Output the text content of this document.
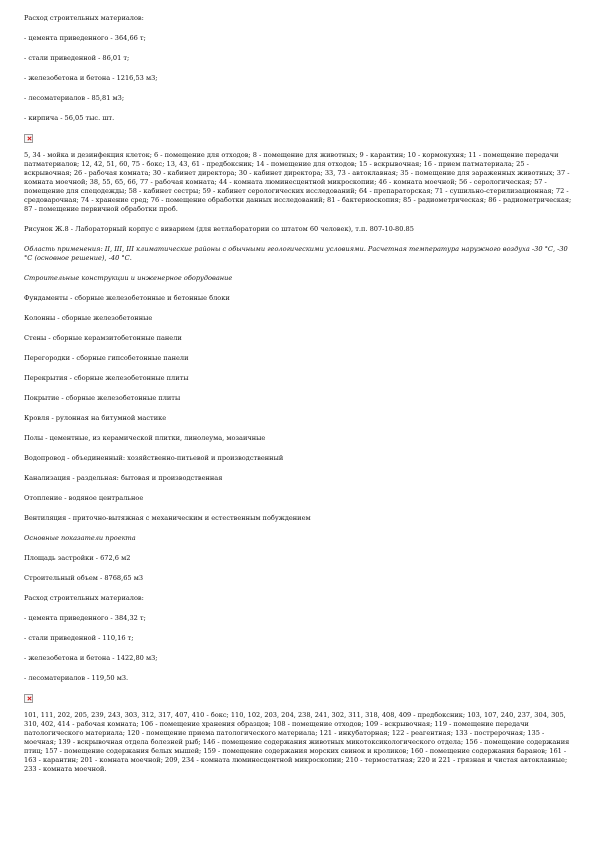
Расход строительных материалов:

- цемента приведенного - 364,66 т;

- стали приведенной - 86,01 т;

- железобетона и бетона - 1216,53 м3;

- лесоматериалов - 85,81 м3;

- кирпича - 56,05 тыс. шт.

5, 34 - мойка и дезинфекция клеток; 6 - помещение для отходов; 8 - помещение для животных; 9 - карантин; 10 - кормокухня; 11 - помещение передачи патматериалов; 12, 42, 51, 60, 75 - бокс; 13, 43, 61 - предбоксник; 14 - помещение для отходов; 15 - вскрывочная; 16 - прием патматериала; 25 - вскрывочная; 26 - рабочая комната; 30 - кабинет директора; 30 - кабинет директора; 33, 73 - автоклавная; 35 - помещение для зараженных животных; 37 - комната моечной; 38, 55, 65, 66, 77 - рабочая комната; 44 - комната люминесцентной микроскопии; 46 - комната моечной; 56 - серологическая; 57 - помещение для спецодежды; 58 - кабинет сестры; 59 - кабинет серологических исследований; 64 - препараторская; 71 - сушильно-стерилизационная; 72 - средоварочная; 74 - хранение сред; 76 - помещение обработки данных исследований; 81 - бактериоскопия; 85 - радиометрическая; 86 - радиометрическая; 87 - помещение первичной обработки проб.

Рисунок Ж.8 - Лабораторный корпус с виварием (для ветлаборатории со штатом 60 человек), т.п. 807-10-80.85

Область применения: II, III, III климатические районы с обычными геологическими условиями. Расчетная температура наружного воздуха -30 °С, -30 °С (основное решение), -40 °С.

Строительные конструкции и инженерное оборудование

Фундаменты - сборные железобетонные и бетонные блоки

Колонны - сборные железобетонные

Стены - сборные керамзитобетонные панели

Перегородки - сборные гипсобетонные панели

Перекрытия - сборные железобетонные плиты

Покрытие - сборные железобетонные плиты

Кровля - рулонная на битумной мастике

Полы - цементные, из керамической плитки, линолеума, мозаичные

Водопровод - объединенный: хозяйственно-питьевой и производственный

Канализация - раздельная: бытовая и производственная

Отопление - водяное центральное

Вентиляция - приточно-вытяжная с механическим и естественным побуждением

Основные показатели проекта

Площадь застройки - 672,6 м2

Строительный объем - 8768,65 м3

Расход строительных материалов:

- цемента приведенного - 384,32 т;

- стали приведенной - 110,16 т;

- железобетона и бетона - 1422,80 м3;

- лесоматериалов - 119,50 м3.

101, 111, 202, 205, 239, 243, 303, 312, 317, 407, 410 - бокс; 110, 102, 203, 204, 238, 241, 302, 311, 318, 408, 409 - предбоксник; 103, 107, 240, 237, 304, 305, 310, 402, 414 - рабочая комната; 106 - помещение хранения образцов; 108 - помещение отходов; 109 - вскрывочная; 119 - помещение передачи патологического материала; 120 - помещение приема патологического материала; 121 - инкубаторная; 122 - реагентная; 133 - пострерочная; 135 - моечная; 139 - вскрывочная отдела болезней рыб; 146 - помещение содержания животных микотоксикологического отдела; 156 - помещение содержания птиц; 157 - помещение содержания белых мышей; 159 - помещение содержания морских свинок и кроликов; 160 - помещение содержания баранов; 161 - 163 - карантин; 201 - комната моечной; 209, 234 - комната люминесцентной микроскопии; 210 - термостатная; 220 и 221 - грязная и чистая автоклавные; 233 - комната моечной.
